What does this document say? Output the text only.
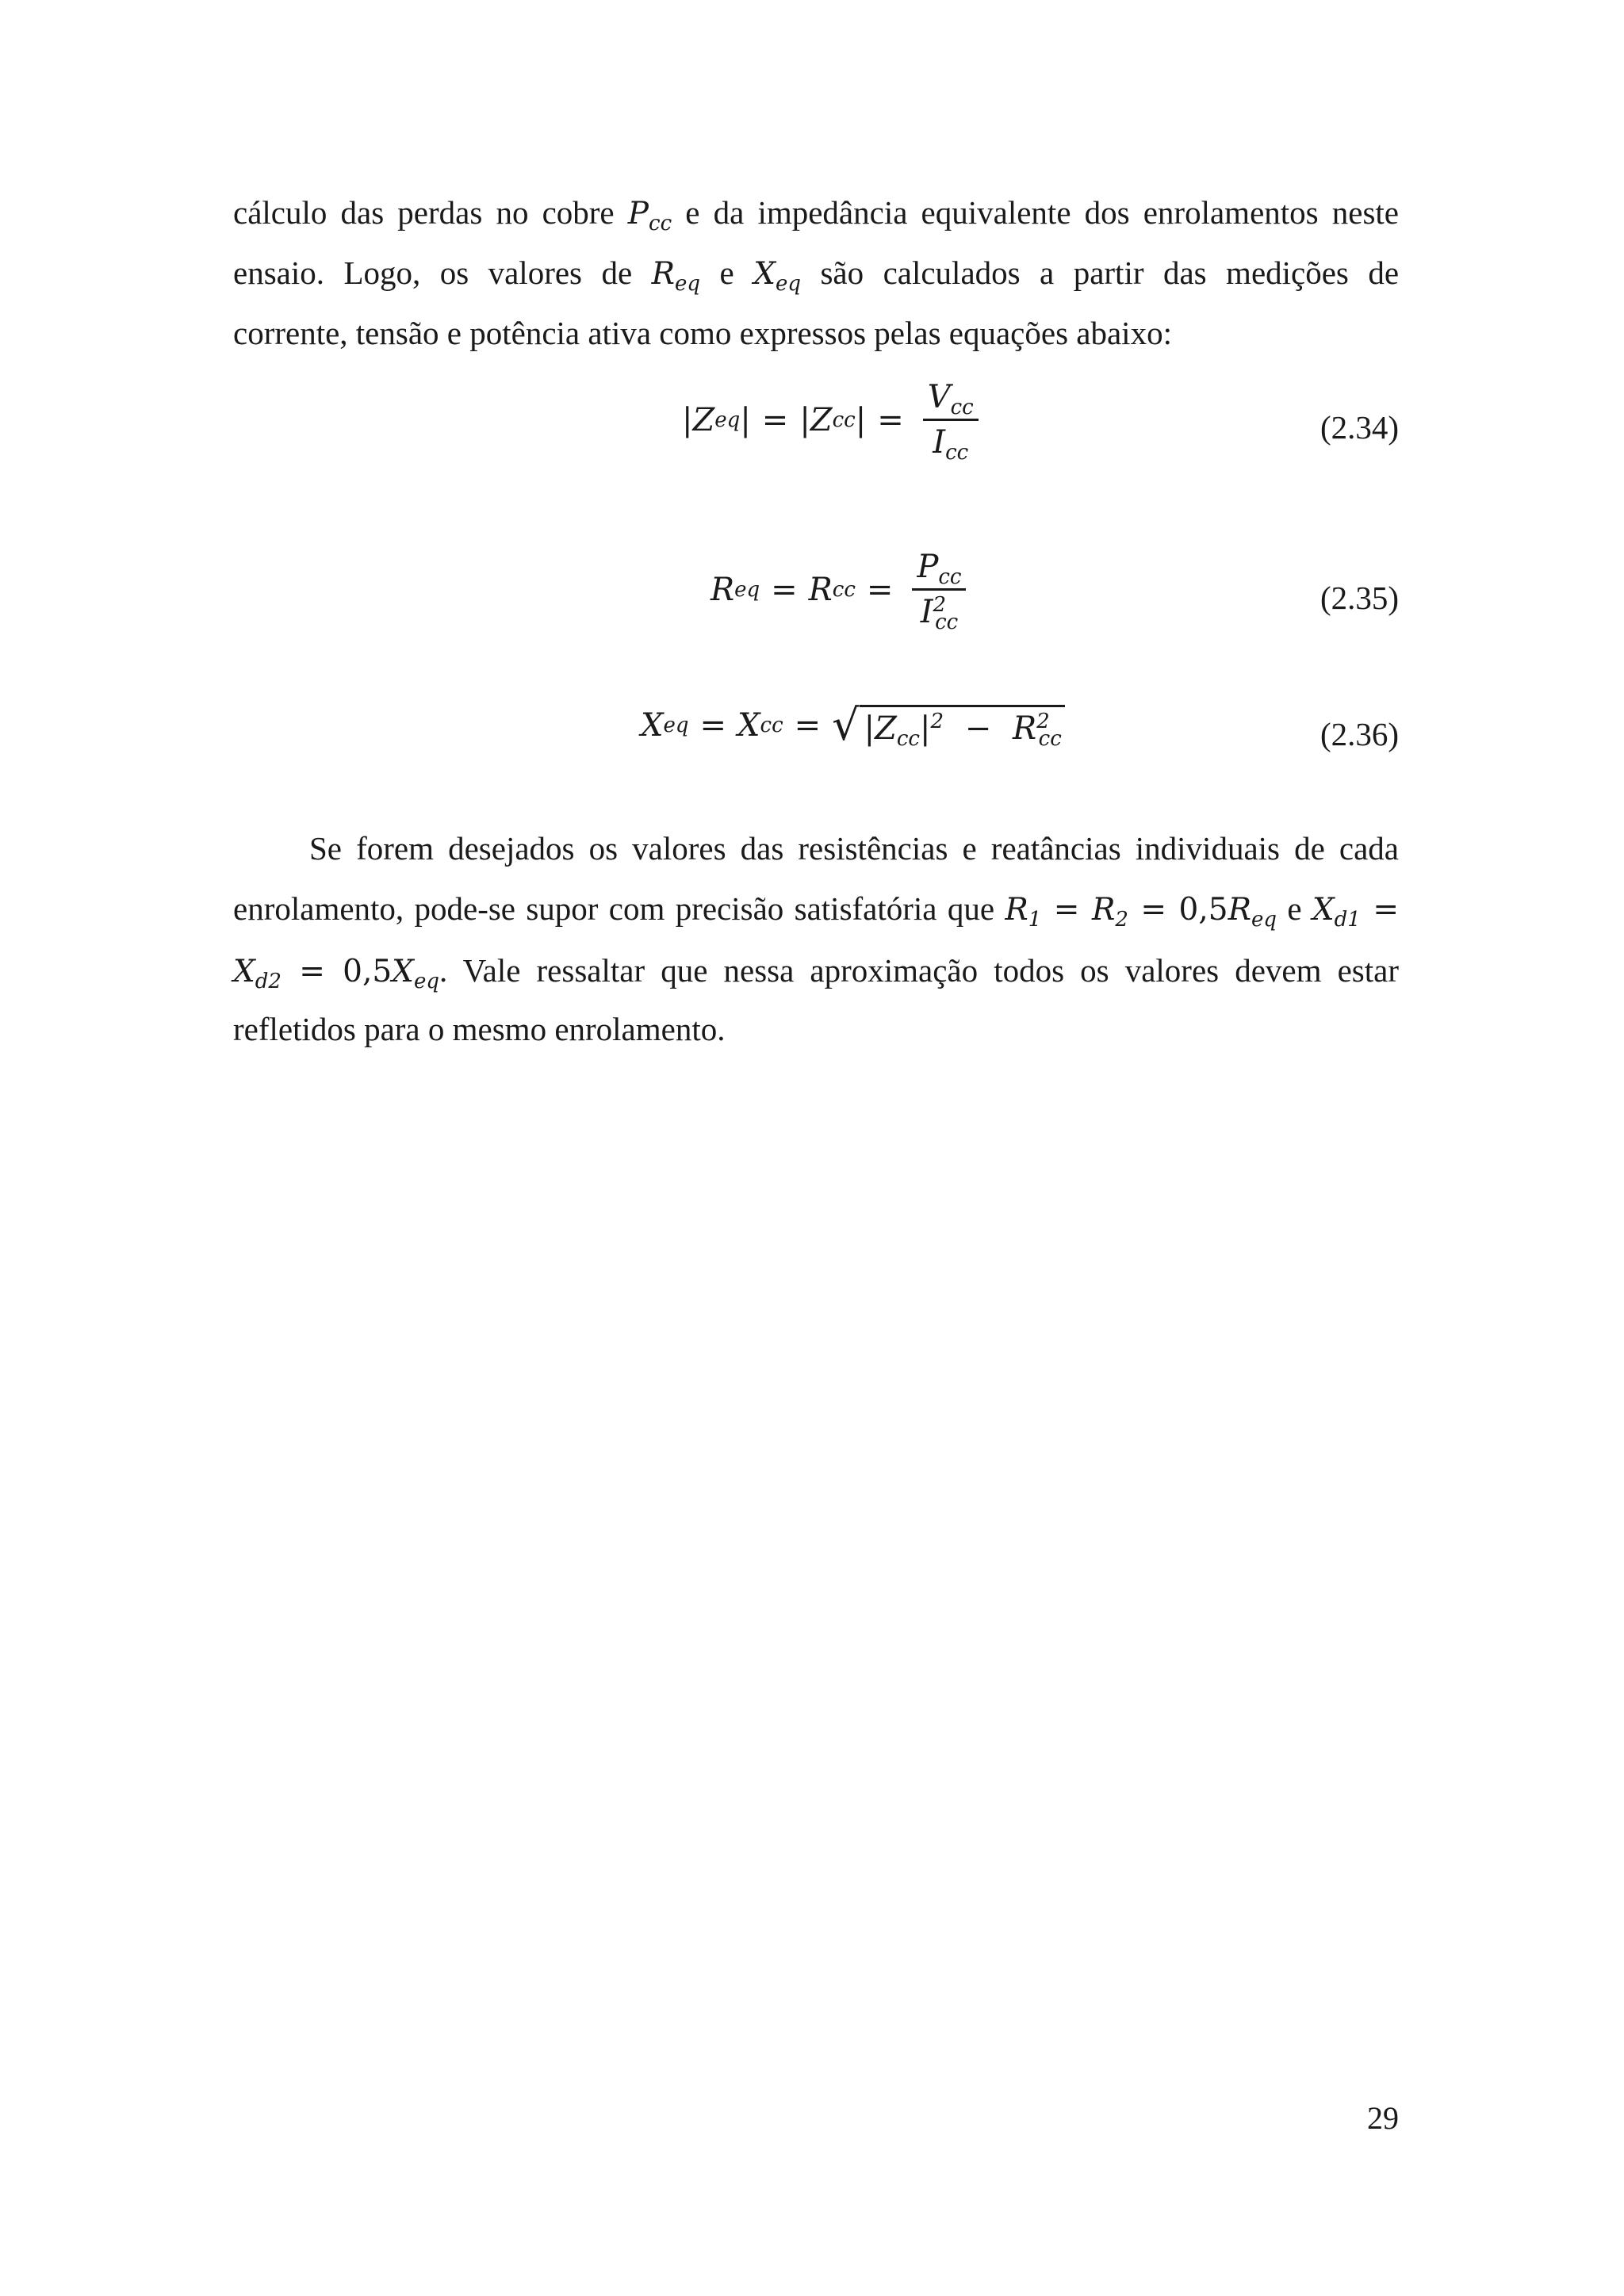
cálculo das perdas no cobre $P_{cc}$ e da impedância equivalente dos enrolamentos neste
ensaio. Logo, os valores de $R_{eq}$ e $X_{eq}$ são calculados a partir das medições de
corrente, tensão e potência ativa como expressos pelas equações abaixo:
| Z eq | = | Z cc | = $\frac{V_{cc}}{I_{cc}}$	(2.34)
R eq = R cc = $\frac{P_{cc}}{I^2_{cc}}$	(2.35)
X eq = X cc = √ $|Z_{cc}|^2 - R^2_{cc}$	(2.36)
Se forem desejados os valores das resistências e reatâncias individuais de cada
enrolamento, pode-se supor com precisão satisfatória que $R_1 = R_2 = 0,5R_{eq}$ e $X_{d1}$ =
$X_{d2} = 0,5X_{eq}$. Vale ressaltar que nessa aproximação todos os valores devem estar
refletidos para o mesmo enrolamento.
29
